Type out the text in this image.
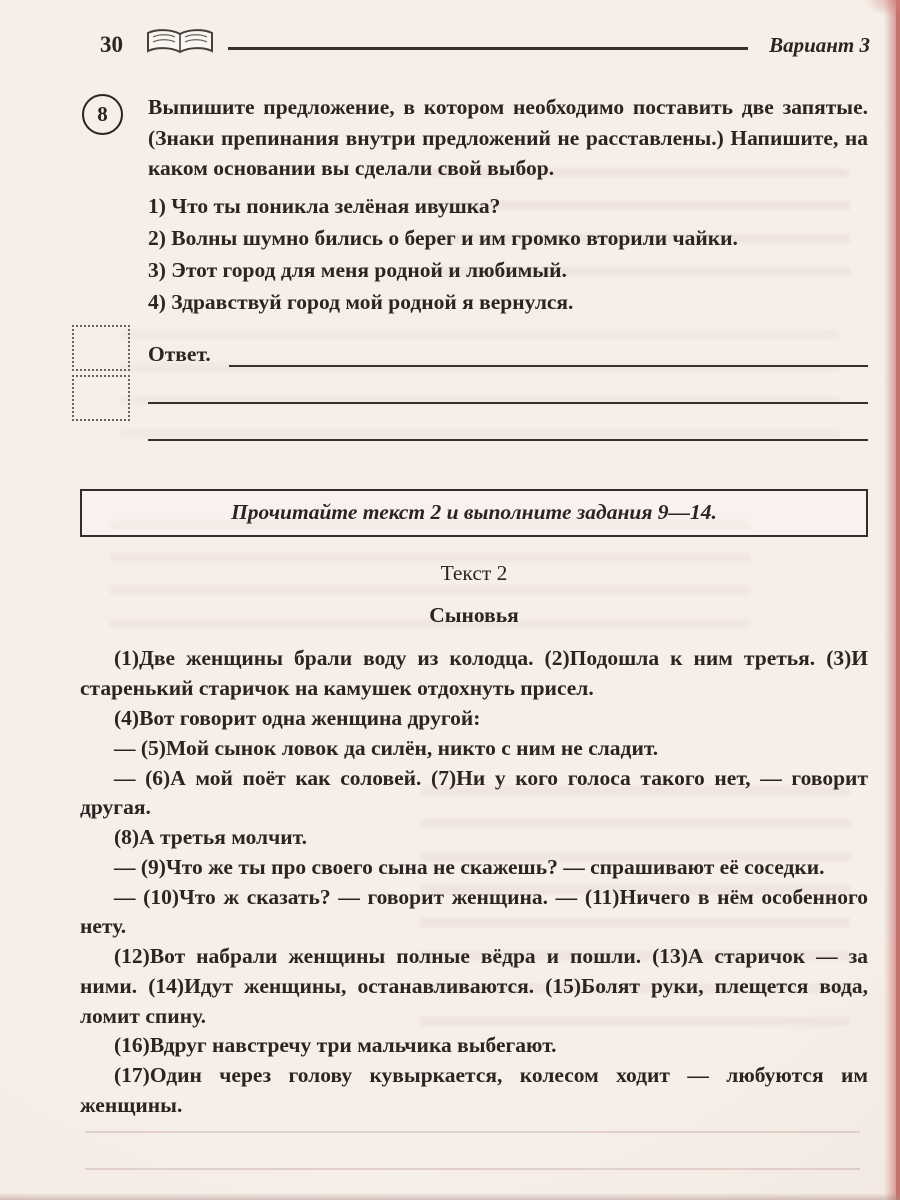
30	Вариант 3
8	Выпишите предложение, в котором необходимо поставить две запятые. (Знаки препинания внутри предложений не расставлены.) Напишите, на каком основании вы сделали свой выбор.

1) Что ты поникла зелёная ивушка?

2) Волны шумно бились о берег и им громко вторили чайки.

3) Этот город для меня родной и любимый.

4) Здравствуй город мой родной я вернулся.

Ответ.
Прочитайте текст 2 и выполните задания 9—14.

Текст 2

Сыновья

(1)Две женщины брали воду из колодца. (2)Подошла к ним третья. (3)И старенький старичок на камушек отдохнуть присел.

(4)Вот говорит одна женщина другой:

— (5)Мой сынок ловок да силён, никто с ним не сладит.

— (6)А мой поёт как соловей. (7)Ни у кого голоса такого нет, — говорит другая.

(8)А третья молчит.

— (9)Что же ты про своего сына не скажешь? — спрашивают её соседки.

— (10)Что ж сказать? — говорит женщина. — (11)Ничего в нём особенного нету.

(12)Вот набрали женщины полные вёдра и пошли. (13)А старичок — за ними. (14)Идут женщины, останавливаются. (15)Болят руки, плещется вода, ломит спину.

(16)Вдруг навстречу три мальчика выбегают.

(17)Один через голову кувыркается, колесом ходит — любуются им женщины.
